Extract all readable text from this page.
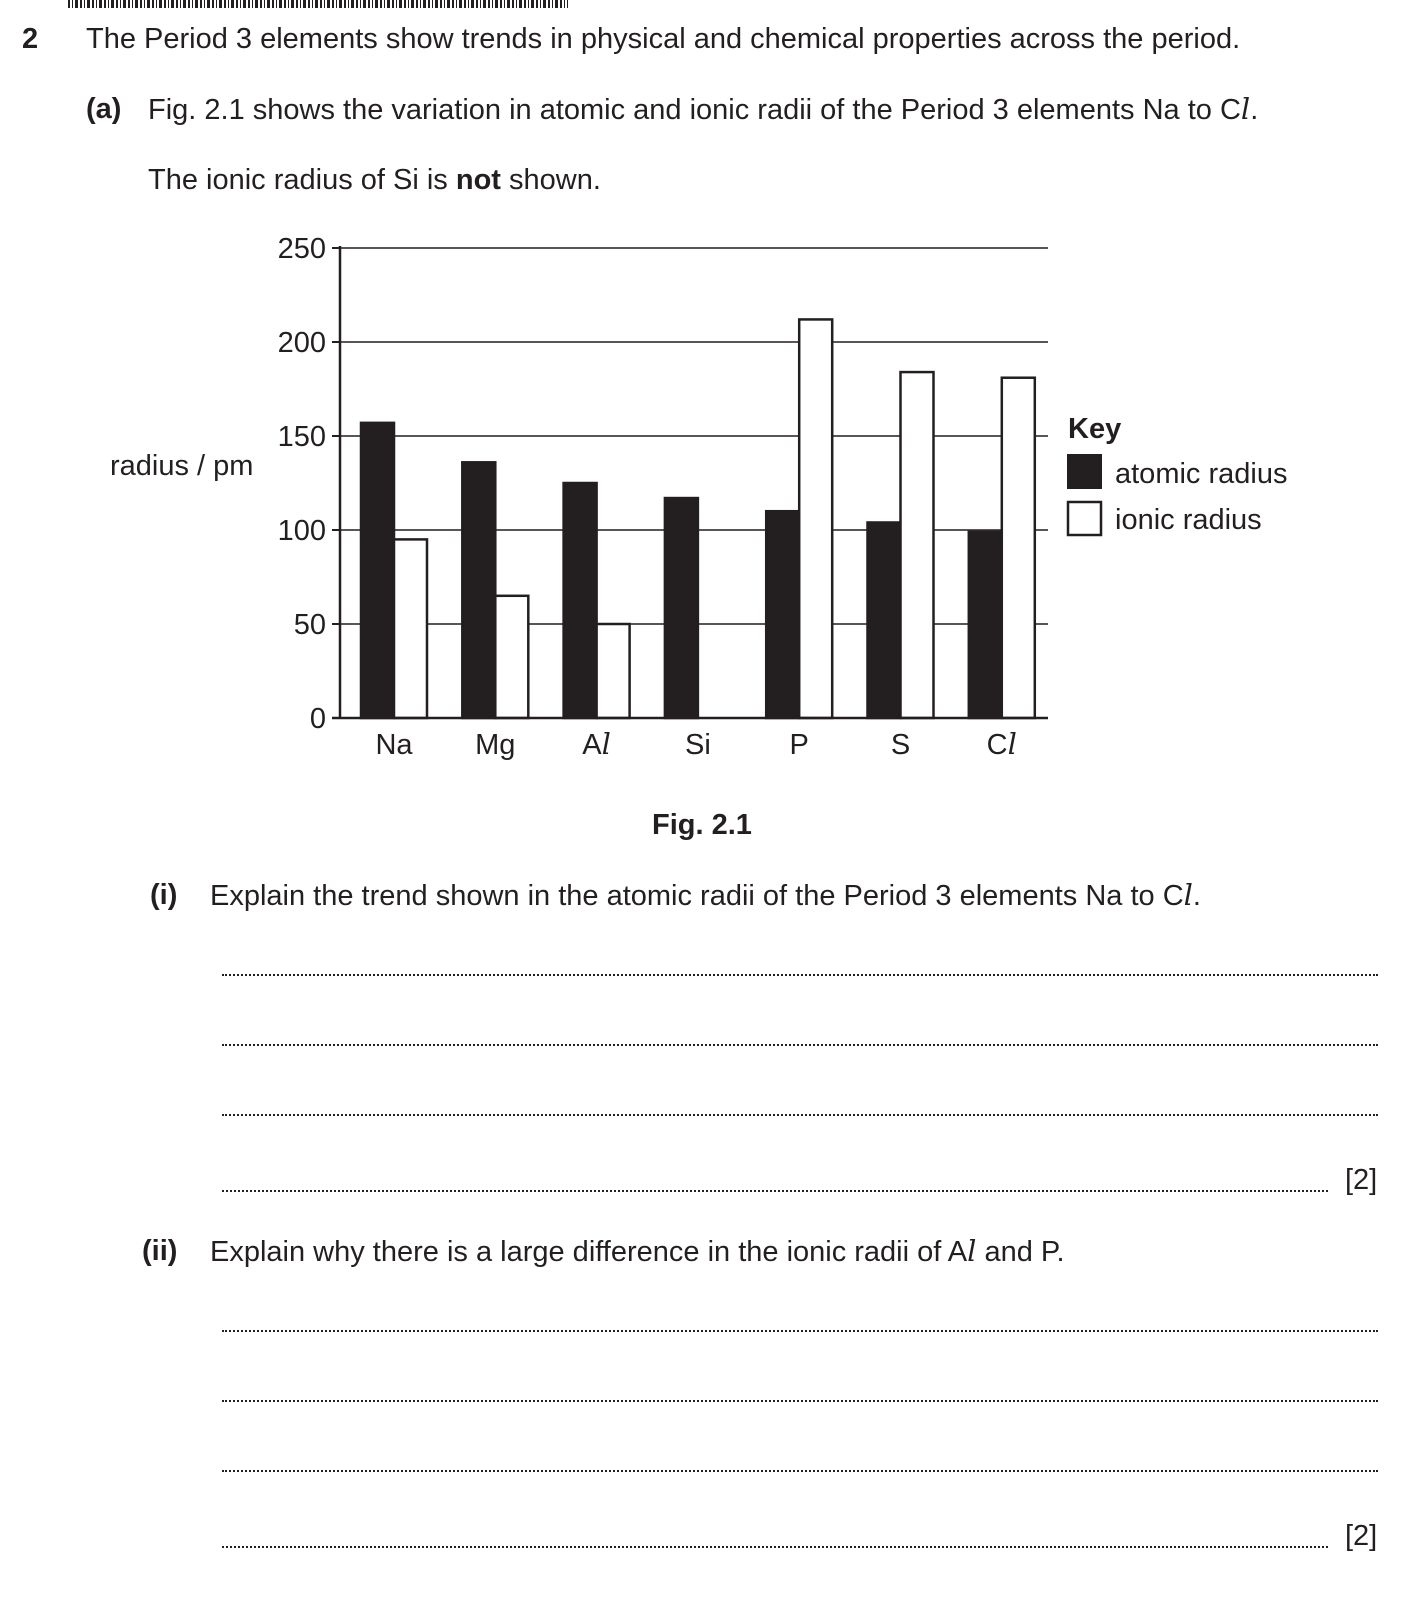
2 The Period 3 elements show trends in physical and chemical properties across the period.
(a) Fig. 2.1 shows the variation in atomic and ionic radii of the Period 3 elements Na to Cl.
The ionic radius of Si is not shown.
0
50
100
150
200
250
Na Mg Al	Si	P	S	Cl
radius / pm
Key
atomic radius
ionic radius
Fig. 2.1
(i) Explain the trend shown in the atomic radii of the Period 3 elements Na to Cl.
[2]
(ii) Explain why there is a large difference in the ionic radii of Al and P.
[2]
